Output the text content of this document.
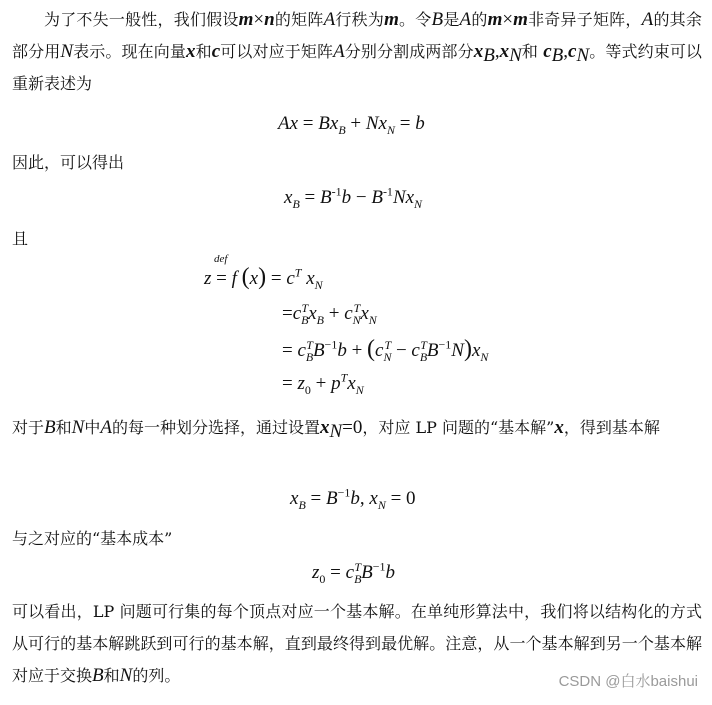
为了不失一般性，我们假设m×n的矩阵A行秩为m。令B是A的m×m非奇异子矩阵，A的其余部分用N表示。现在向量x和c可以对应于矩阵A分别分割成两部分$x_B,x_N$和 $c_B,c_N$。等式约束可以重新表述为
$Ax = Bx_B + Nx_N = b$
因此，可以得出
$x_B = B^{-1}b - B^{-1}Nx_N$
且
def
z = f $(x) = c^T$ $x_N$
$=c_B^Tx_B + c_N^Tx_N$
= $c_B^TB^{-1}b + (c_N^T - c_B^TB^{-1}N)x_N$
= $z_0 + p^Tx_N$
对于B和N中A的每一种划分选择，通过设置$x_N=0$，对应 LP 问题的“基本解”x，得到基本解
$x_B = B^{-1}b$, $x_N = 0$
与之对应的“基本成本”
$z_0 = c_B^TB^{-1}b$
可以看出，LP 问题可行集的每个顶点对应一个基本解。在单纯形算法中，我们将以结构化的方式从可行的基本解跳跃到可行的基本解，直到最终得到最优解。注意，从一个基本解到另一个基本解对应于交换B和N的列。	CSDN @白水baishui
